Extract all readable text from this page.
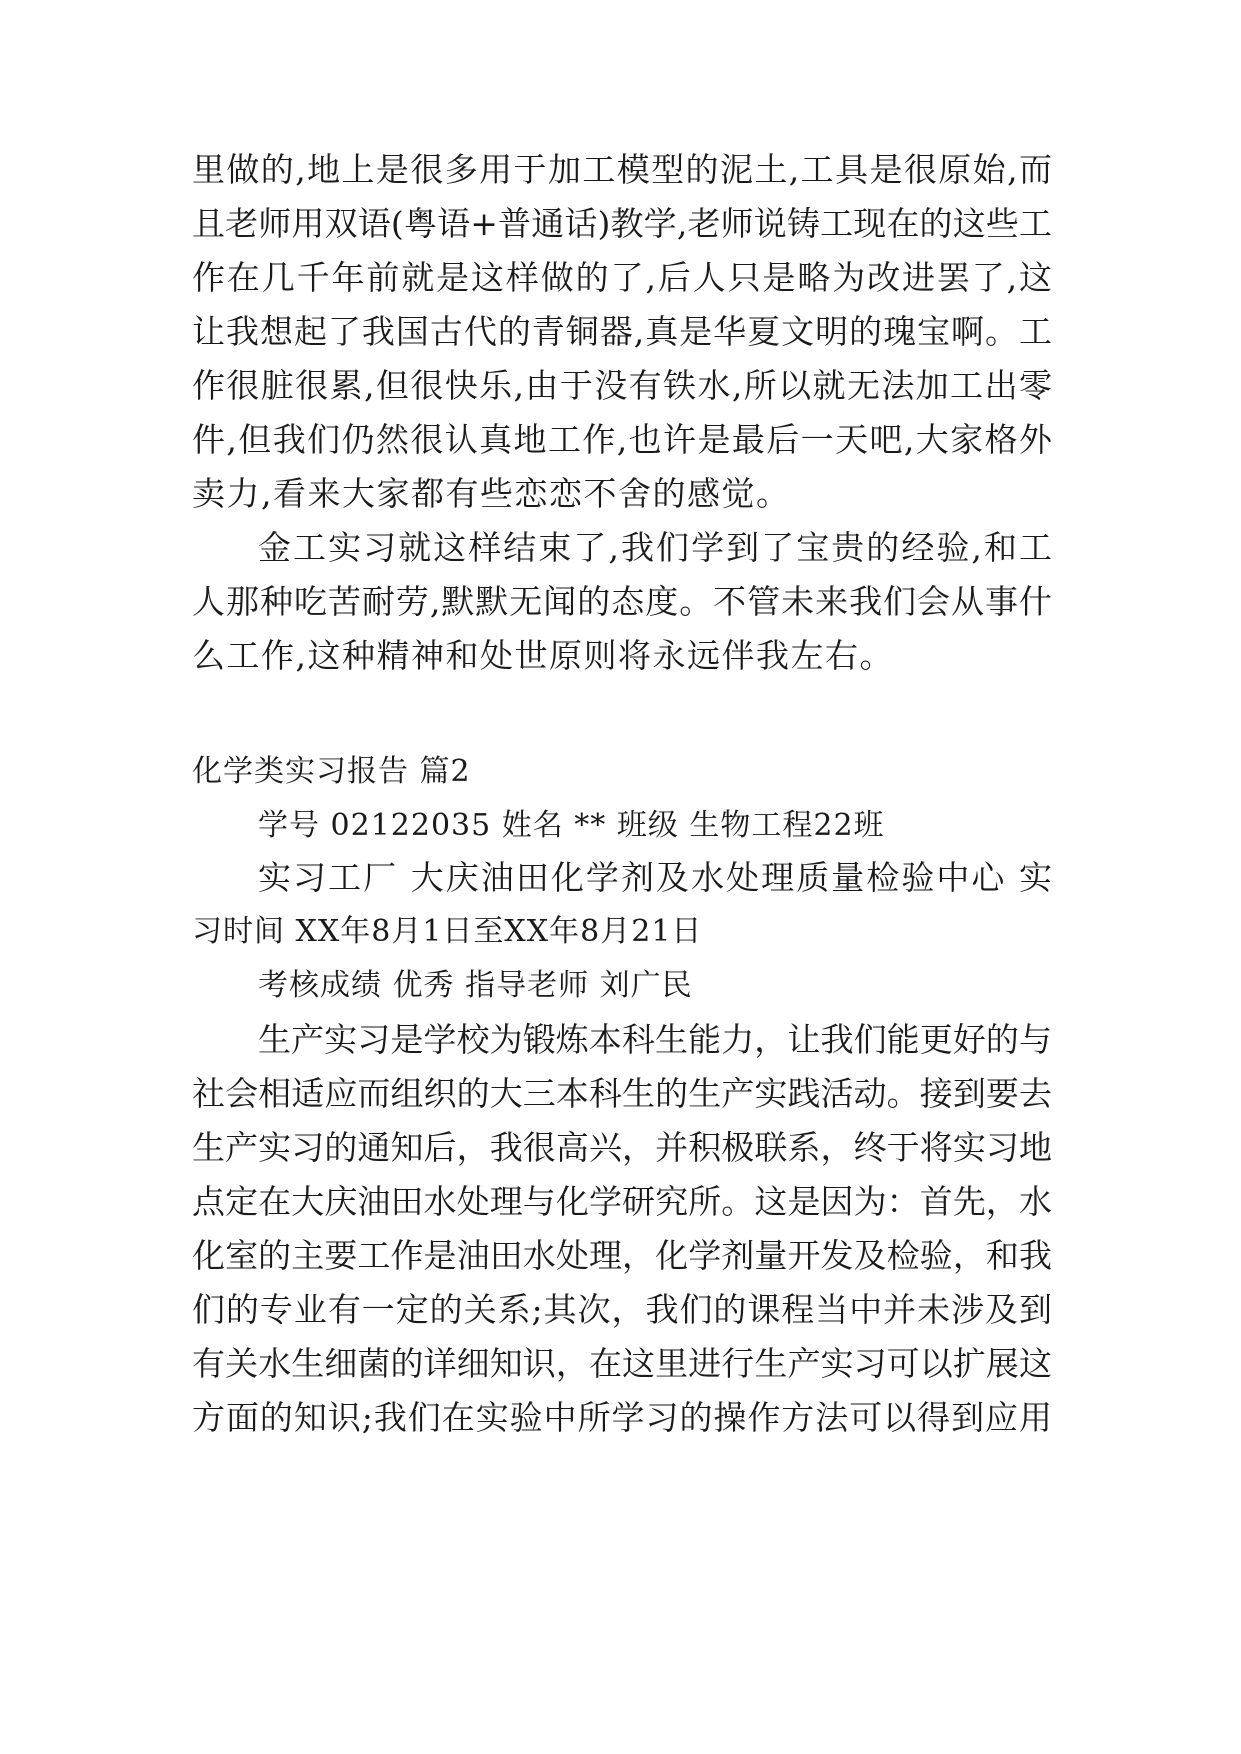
里做的,地上是很多用于加工模型的泥土,工具是很原始,而
且老师用双语(粤语+普通话)教学,老师说铸工现在的这些工
作在几千年前就是这样做的了,后人只是略为改进罢了,这
让我想起了我国古代的青铜器,真是华夏文明的瑰宝啊。工
作很脏很累,但很快乐,由于没有铁水,所以就无法加工出零
件,但我们仍然很认真地工作,也许是最后一天吧,大家格外
卖力,看来大家都有些恋恋不舍的感觉。
金工实习就这样结束了,我们学到了宝贵的经验,和工
人那种吃苦耐劳,默默无闻的态度。不管未来我们会从事什
么工作,这种精神和处世原则将永远伴我左右。
化学类实习报告 篇2
学号 02122035 姓名 ** 班级 生物工程22班
实习工厂 大庆油田化学剂及水处理质量检验中心 实
习时间 XX年8月1日至XX年8月21日
考核成绩 优秀 指导老师 刘广民
生产实习是学校为锻炼本科生能力，让我们能更好的与
社会相适应而组织的大三本科生的生产实践活动。接到要去
生产实习的通知后，我很高兴，并积极联系，终于将实习地
点定在大庆油田水处理与化学研究所。这是因为：首先，水
化室的主要工作是油田水处理，化学剂量开发及检验，和我
们的专业有一定的关系;其次，我们的课程当中并未涉及到
有关水生细菌的详细知识，在这里进行生产实习可以扩展这
方面的知识;我们在实验中所学习的操作方法可以得到应用
